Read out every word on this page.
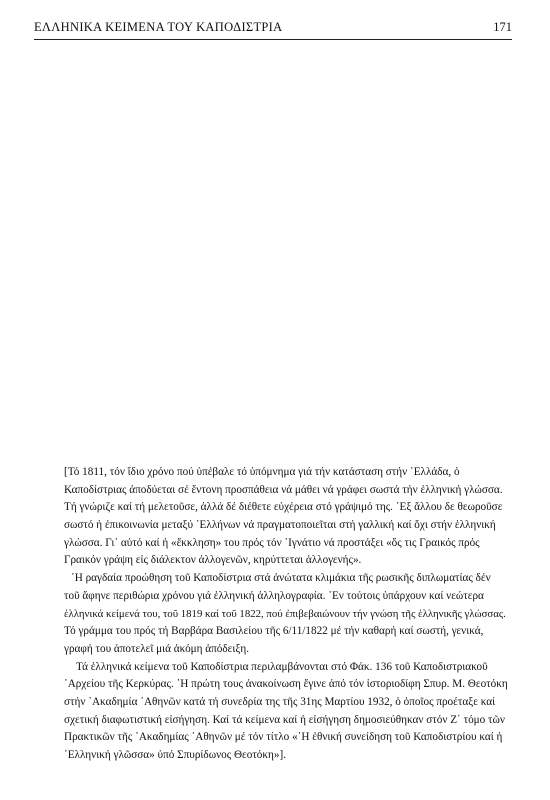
ΕΛΛΗΝΙΚΑ ΚΕΙΜΕΝΑ ΤΟΥ ΚΑΠΟΔΙΣΤΡΙΑ	171
[Τό 1811, τόν ἴδιο χρόνο πού ὑπέβαλε τό ὑπόμνημα γιά τήν κατάσταση στήν ῾Ελλάδα, ὁ
Καποδίστριας ἀποδύεται σέ ἔντονη προσπάθεια νά μάθει νά γράφει σωστά τήν ἑλληνική γλώσσα.
Τή γνώριζε καί τή μελετοῦσε, ἀλλά δέ διέθετε εὐχέρεια στό γράψιμό της. ᾿Εξ ἄλλου δε θεωροῦσε
σωστό ἡ ἐπικοινωνία μεταξύ ῾Ελλήνων νά πραγματοποιεῖται στή γαλλική καί ὄχι στήν ἑλληνική
γλώσσα. Γι᾿ αὐτό καί ἡ «ἔκκληση» του πρός τόν ᾿Ιγνάτιο νά προστάξει «ὅς τις Γραικός πρός
Γραικόν γράψη εἰς διάλεκτον ἀλλογενῶν, κηρύττεται ἀλλογενής».
῾Η ραγδαία προώθηση τοῦ Καποδίστρια στά ἀνώτατα κλιμάκια τῆς ρωσικῆς διπλωματίας δέν
τοῦ ἄφηνε περιθώρια χρόνου γιά ἑλληνική ἀλληλογραφία. ᾿Εν τούτοις ὑπάρχουν καί νεώτερα
ἑλληνικά κείμενά του, τοῦ 1819 καί τοῦ 1822, πού ἐπιβεβαιώνουν τήν γνώση τῆς ἑλληνικῆς γλώσσας.
Τό γράμμα του πρός τή Βαρβάρα Βασιλείου τῆς 6/11/1822 μέ τήν καθαρή καί σωστή, γενικά,
γραφή του ἀποτελεῖ μιά ἀκόμη ἀπόδειξη.
Τά ἑλληνικά κείμενα τοῦ Καποδίστρια περιλαμβάνονται στό Φάκ. 136 τοῦ Καποδιστριακοῦ
᾿Αρχείου τῆς Κερκύρας. ῾Η πρώτη τους ἀνακοίνωση ἔγινε ἀπό τόν ἱστοριοδίφη Σπυρ. Μ. Θεοτόκη
στήν ᾿Ακαδημία ᾿Αθηνῶν κατά τή συνεδρία της τῆς 31ης Μαρτίου 1932, ὁ ὁποῖος προέταξε καί
σχετική διαφωτιστική εἰσήγηση. Καί τά κείμενα καί ἡ εἰσήγηση δημοσιεύθηκαν στόν Ζ΄ τόμο τῶν
Πρακτικῶν τῆς ᾿Ακαδημίας ᾿Αθηνῶν μέ τόν τίτλο «῾Η ἐθνική συνείδηση τοῦ Καποδιστρίου καί ἡ
῾Ελληνική γλῶσσα» ὑπό Σπυρίδωνος Θεοτόκη»].
